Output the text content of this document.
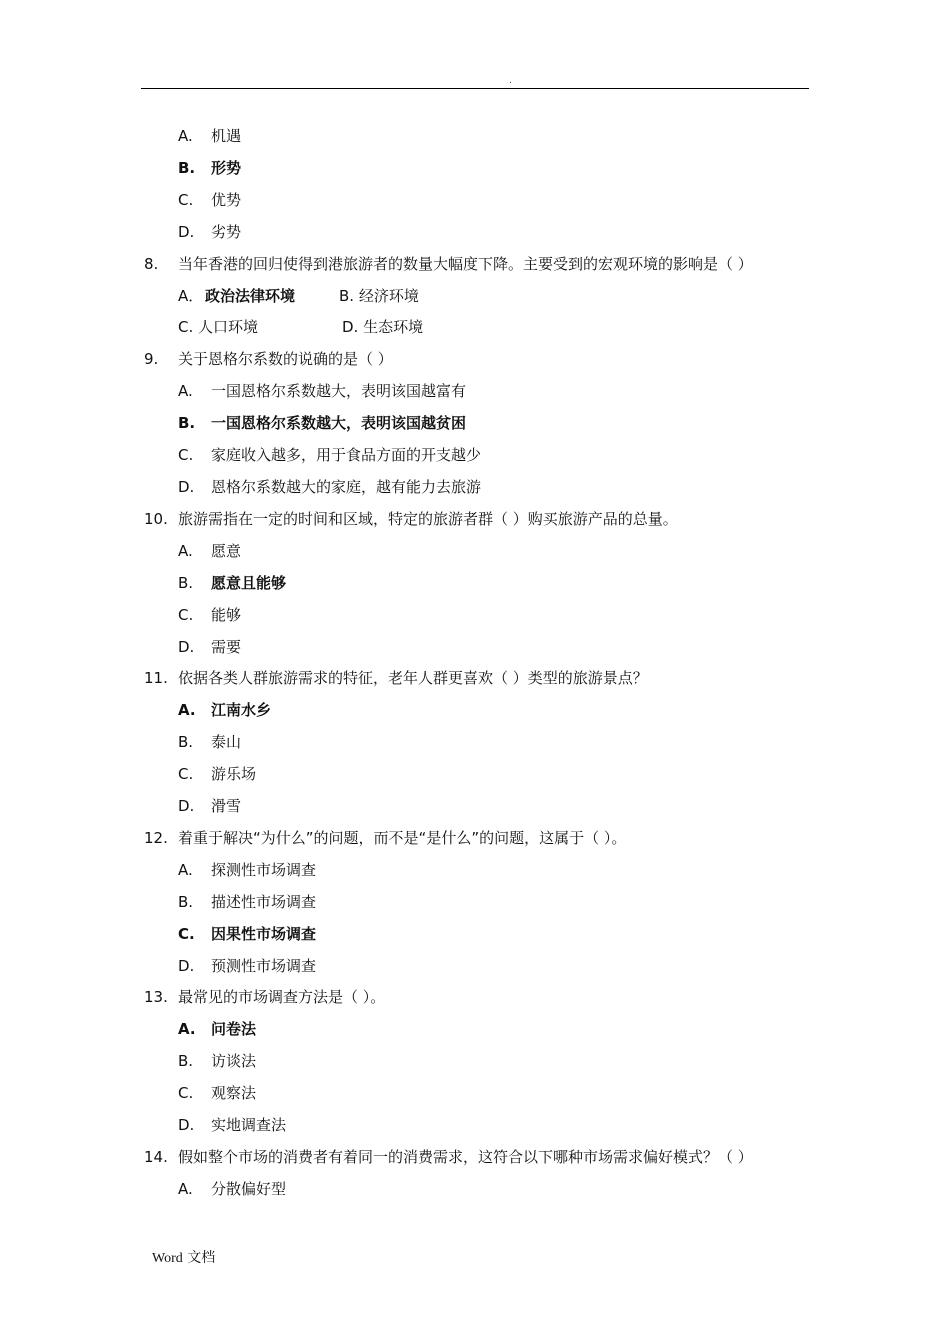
.
A. 机遇
B. 形势
C. 优势
D. 劣势
8. 当年香港的回归使得到港旅游者的数量大幅度下降。主要受到的宏观环境的影响是（ ）
A． 政治法律环境	B. 经济环境
C. 人口环境	D. 生态环境
9. 关于恩格尔系数的说确的是（ ）
A. 一国恩格尔系数越大，表明该国越富有
B. 一国恩格尔系数越大，表明该国越贫困
C. 家庭收入越多，用于食品方面的开支越少
D. 恩格尔系数越大的家庭，越有能力去旅游
10. 旅游需指在一定的时间和区域，特定的旅游者群（ ）购买旅游产品的总量。
A. 愿意
B. 愿意且能够
C. 能够
D. 需要
11. 依据各类人群旅游需求的特征，老年人群更喜欢（ ）类型的旅游景点？
A. 江南水乡
B. 泰山
C. 游乐场
D. 滑雪
12. 着重于解决“为什么”的问题，而不是“是什么”的问题，这属于（ ）。
A. 探测性市场调查
B. 描述性市场调查
C. 因果性市场调查
D. 预测性市场调查
13. 最常见的市场调查方法是（ ）。
A. 问卷法
B. 访谈法
C. 观察法
D. 实地调查法
14. 假如整个市场的消费者有着同一的消费需求，这符合以下哪种市场需求偏好模式？（ ）
A. 分散偏好型
Word 文档
